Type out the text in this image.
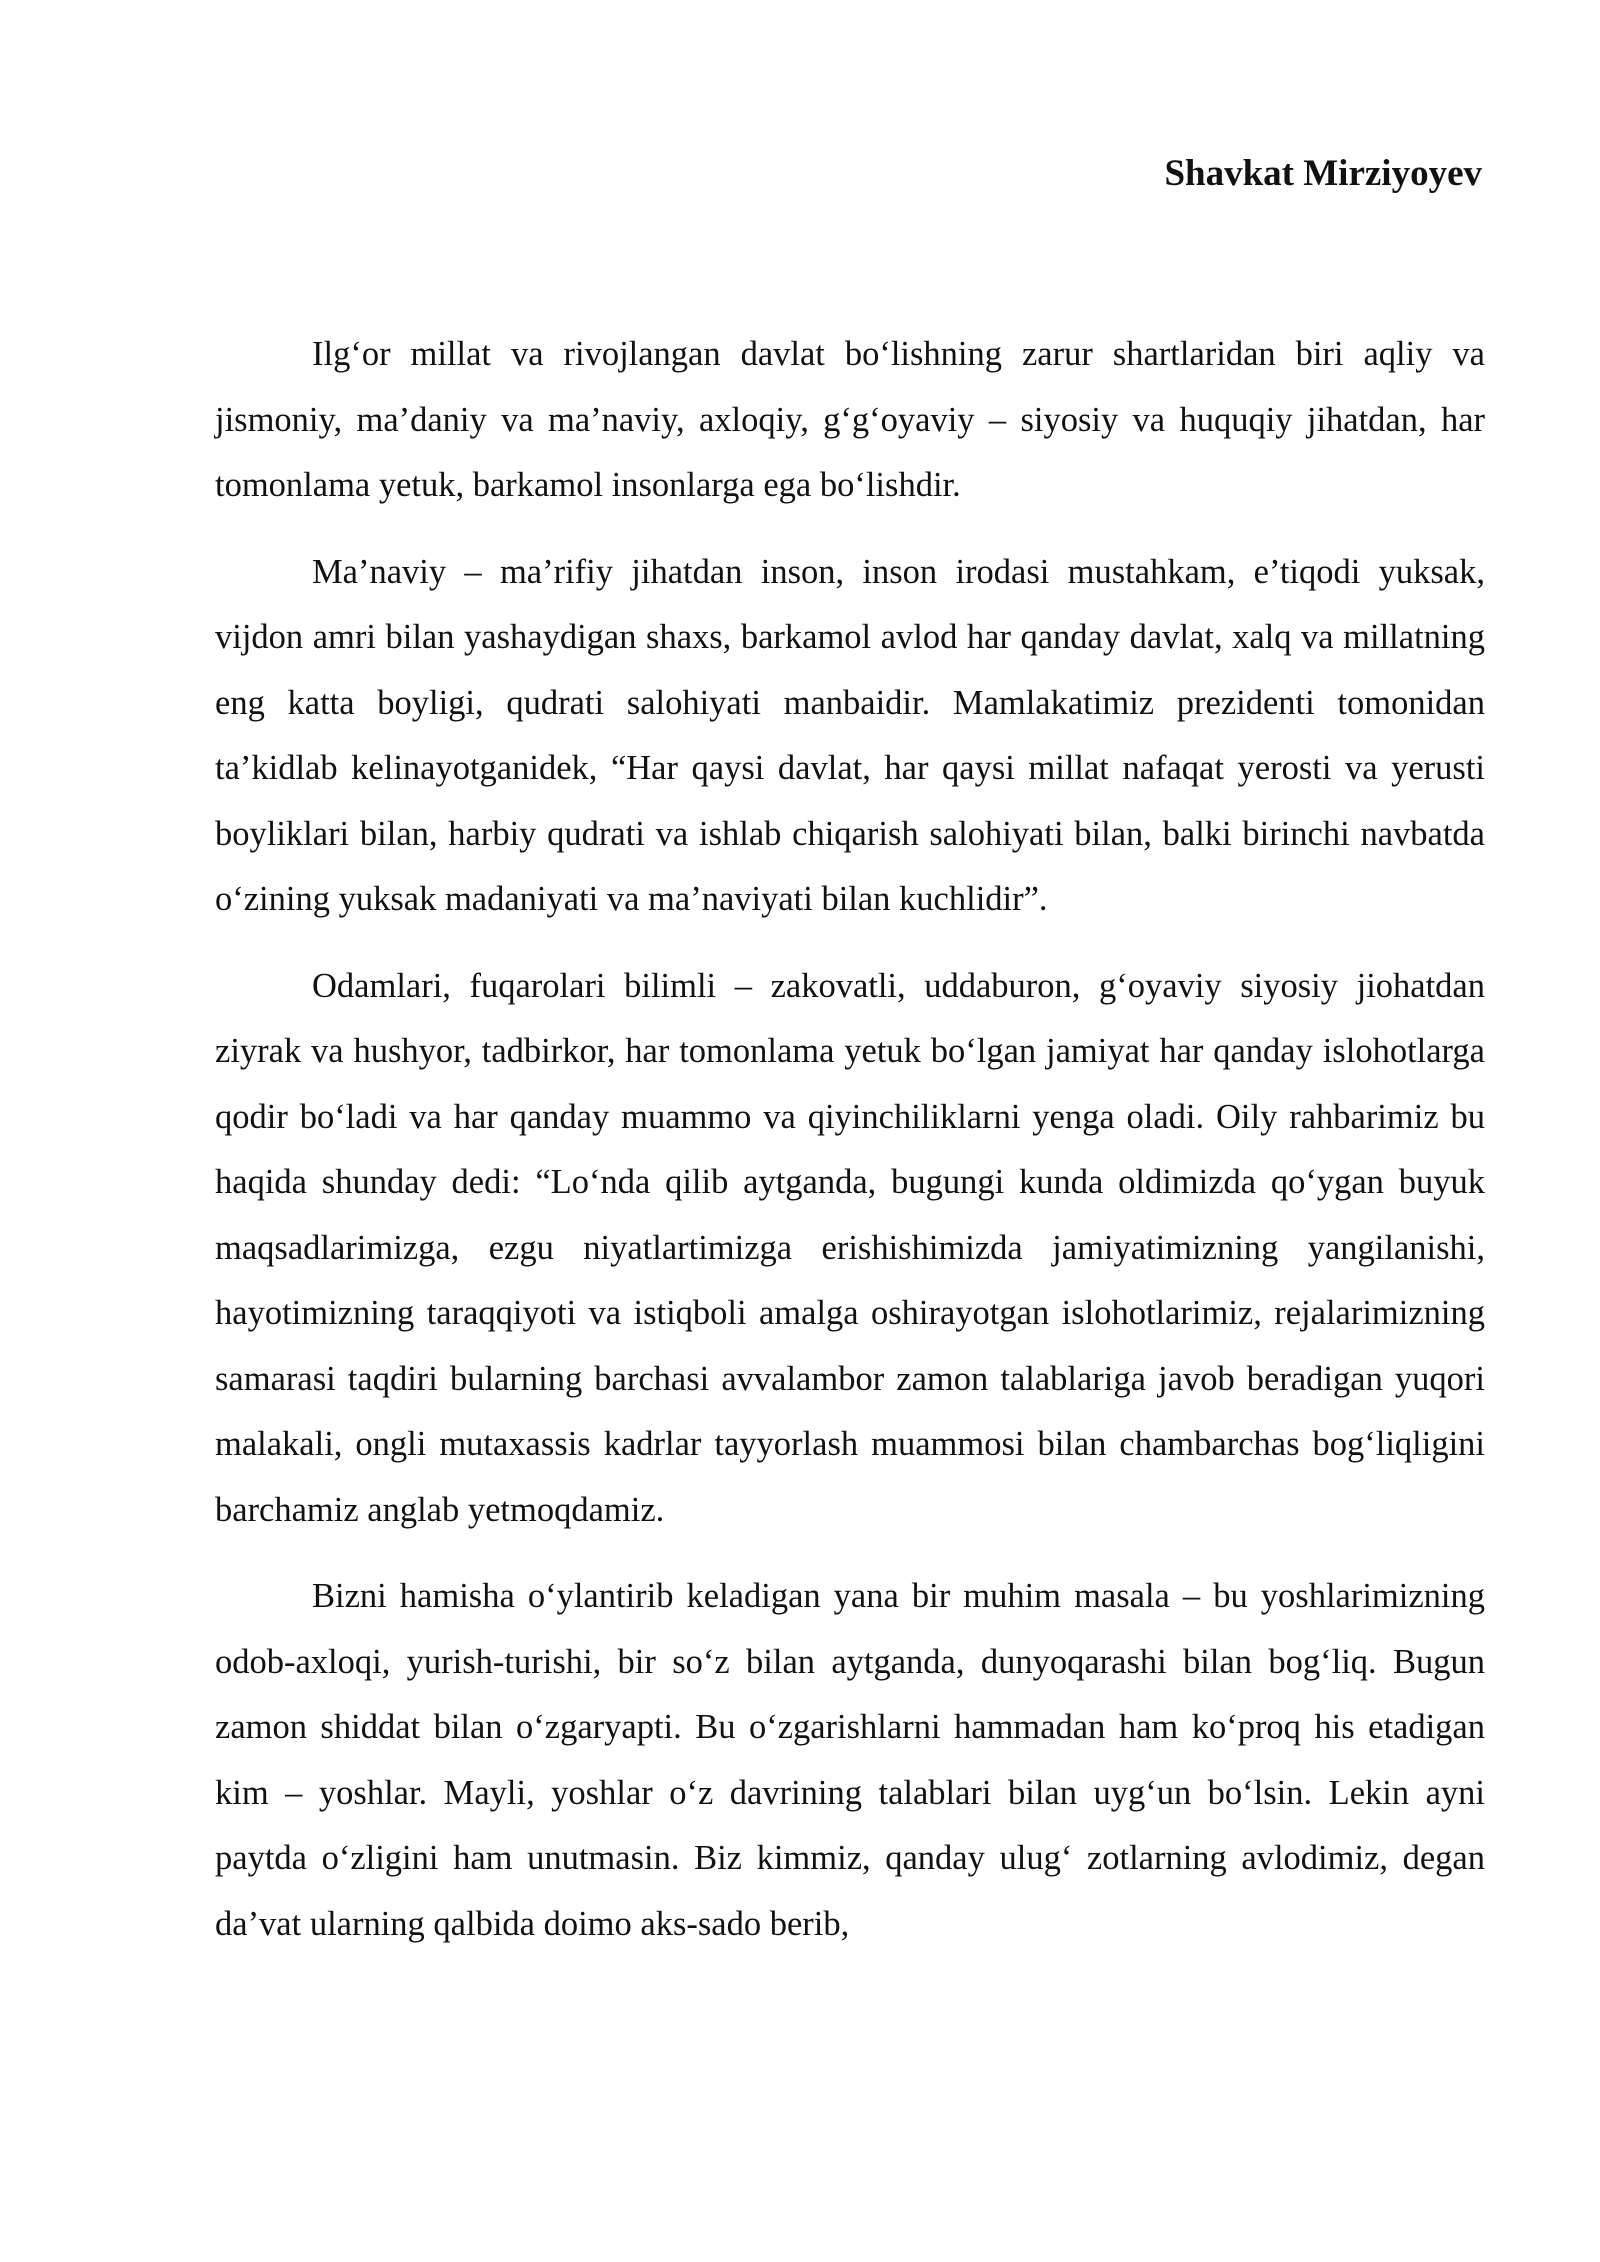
Shavkat Mirziyoyev

Ilg‘or millat va rivojlangan davlat bo‘lishning zarur shartlaridan biri aqliy va jismoniy, ma’daniy va ma’naviy, axloqiy, g‘g‘oyaviy – siyosiy va huquqiy jihatdan, har tomonlama yetuk, barkamol insonlarga ega bo‘lishdir.

Ma’naviy – ma’rifiy jihatdan inson, inson irodasi mustahkam, e’tiqodi yuksak, vijdon amri bilan yashaydigan shaxs, barkamol avlod har qanday davlat, xalq va millatning eng katta boyligi, qudrati salohiyati manbaidir. Mamlakatimiz prezidenti tomonidan ta’kidlab kelinayotganidek, “Har qaysi davlat, har qaysi millat nafaqat yerosti va yerusti boyliklari bilan, harbiy qudrati va ishlab chiqarish salohiyati bilan, balki birinchi navbatda o‘zining yuksak madaniyati va ma’naviyati bilan kuchlidir”.

Odamlari, fuqarolari bilimli – zakovatli, uddaburon, g‘oyaviy siyosiy jiohatdan ziyrak va hushyor, tadbirkor, har tomonlama yetuk bo‘lgan jamiyat har qanday islohotlarga qodir bo‘ladi va har qanday muammo va qiyinchiliklarni yenga oladi. Oily rahbarimiz bu haqida shunday dedi: “Lo‘nda qilib aytganda, bugungi kunda oldimizda qo‘ygan buyuk maqsadlarimizga, ezgu niyatlartimizga erishishimizda jamiyatimizning yangilanishi, hayotimizning taraqqiyoti va istiqboli amalga oshirayotgan islohotlarimiz, rejalarimizning samarasi taqdiri bularning barchasi avvalambor zamon talablariga javob beradigan yuqori malakali, ongli mutaxassis kadrlar tayyorlash muammosi bilan chambarchas bog‘liqligini barchamiz anglab yetmoqdamiz.

Bizni hamisha o‘ylantirib keladigan yana bir muhim masala – bu yoshlarimizning odob-axloqi, yurish-turishi, bir so‘z bilan aytganda, dunyoqarashi bilan bog‘liq. Bugun zamon shiddat bilan o‘zgaryapti. Bu o‘zgarishlarni hammadan ham ko‘proq his etadigan kim – yoshlar. Mayli, yoshlar o‘z davrining talablari bilan uyg‘un bo‘lsin. Lekin ayni paytda o‘zligini ham unutmasin. Biz kimmiz, qanday ulug‘ zotlarning avlodimiz, degan da’vat ularning qalbida doimo aks-sado berib,
